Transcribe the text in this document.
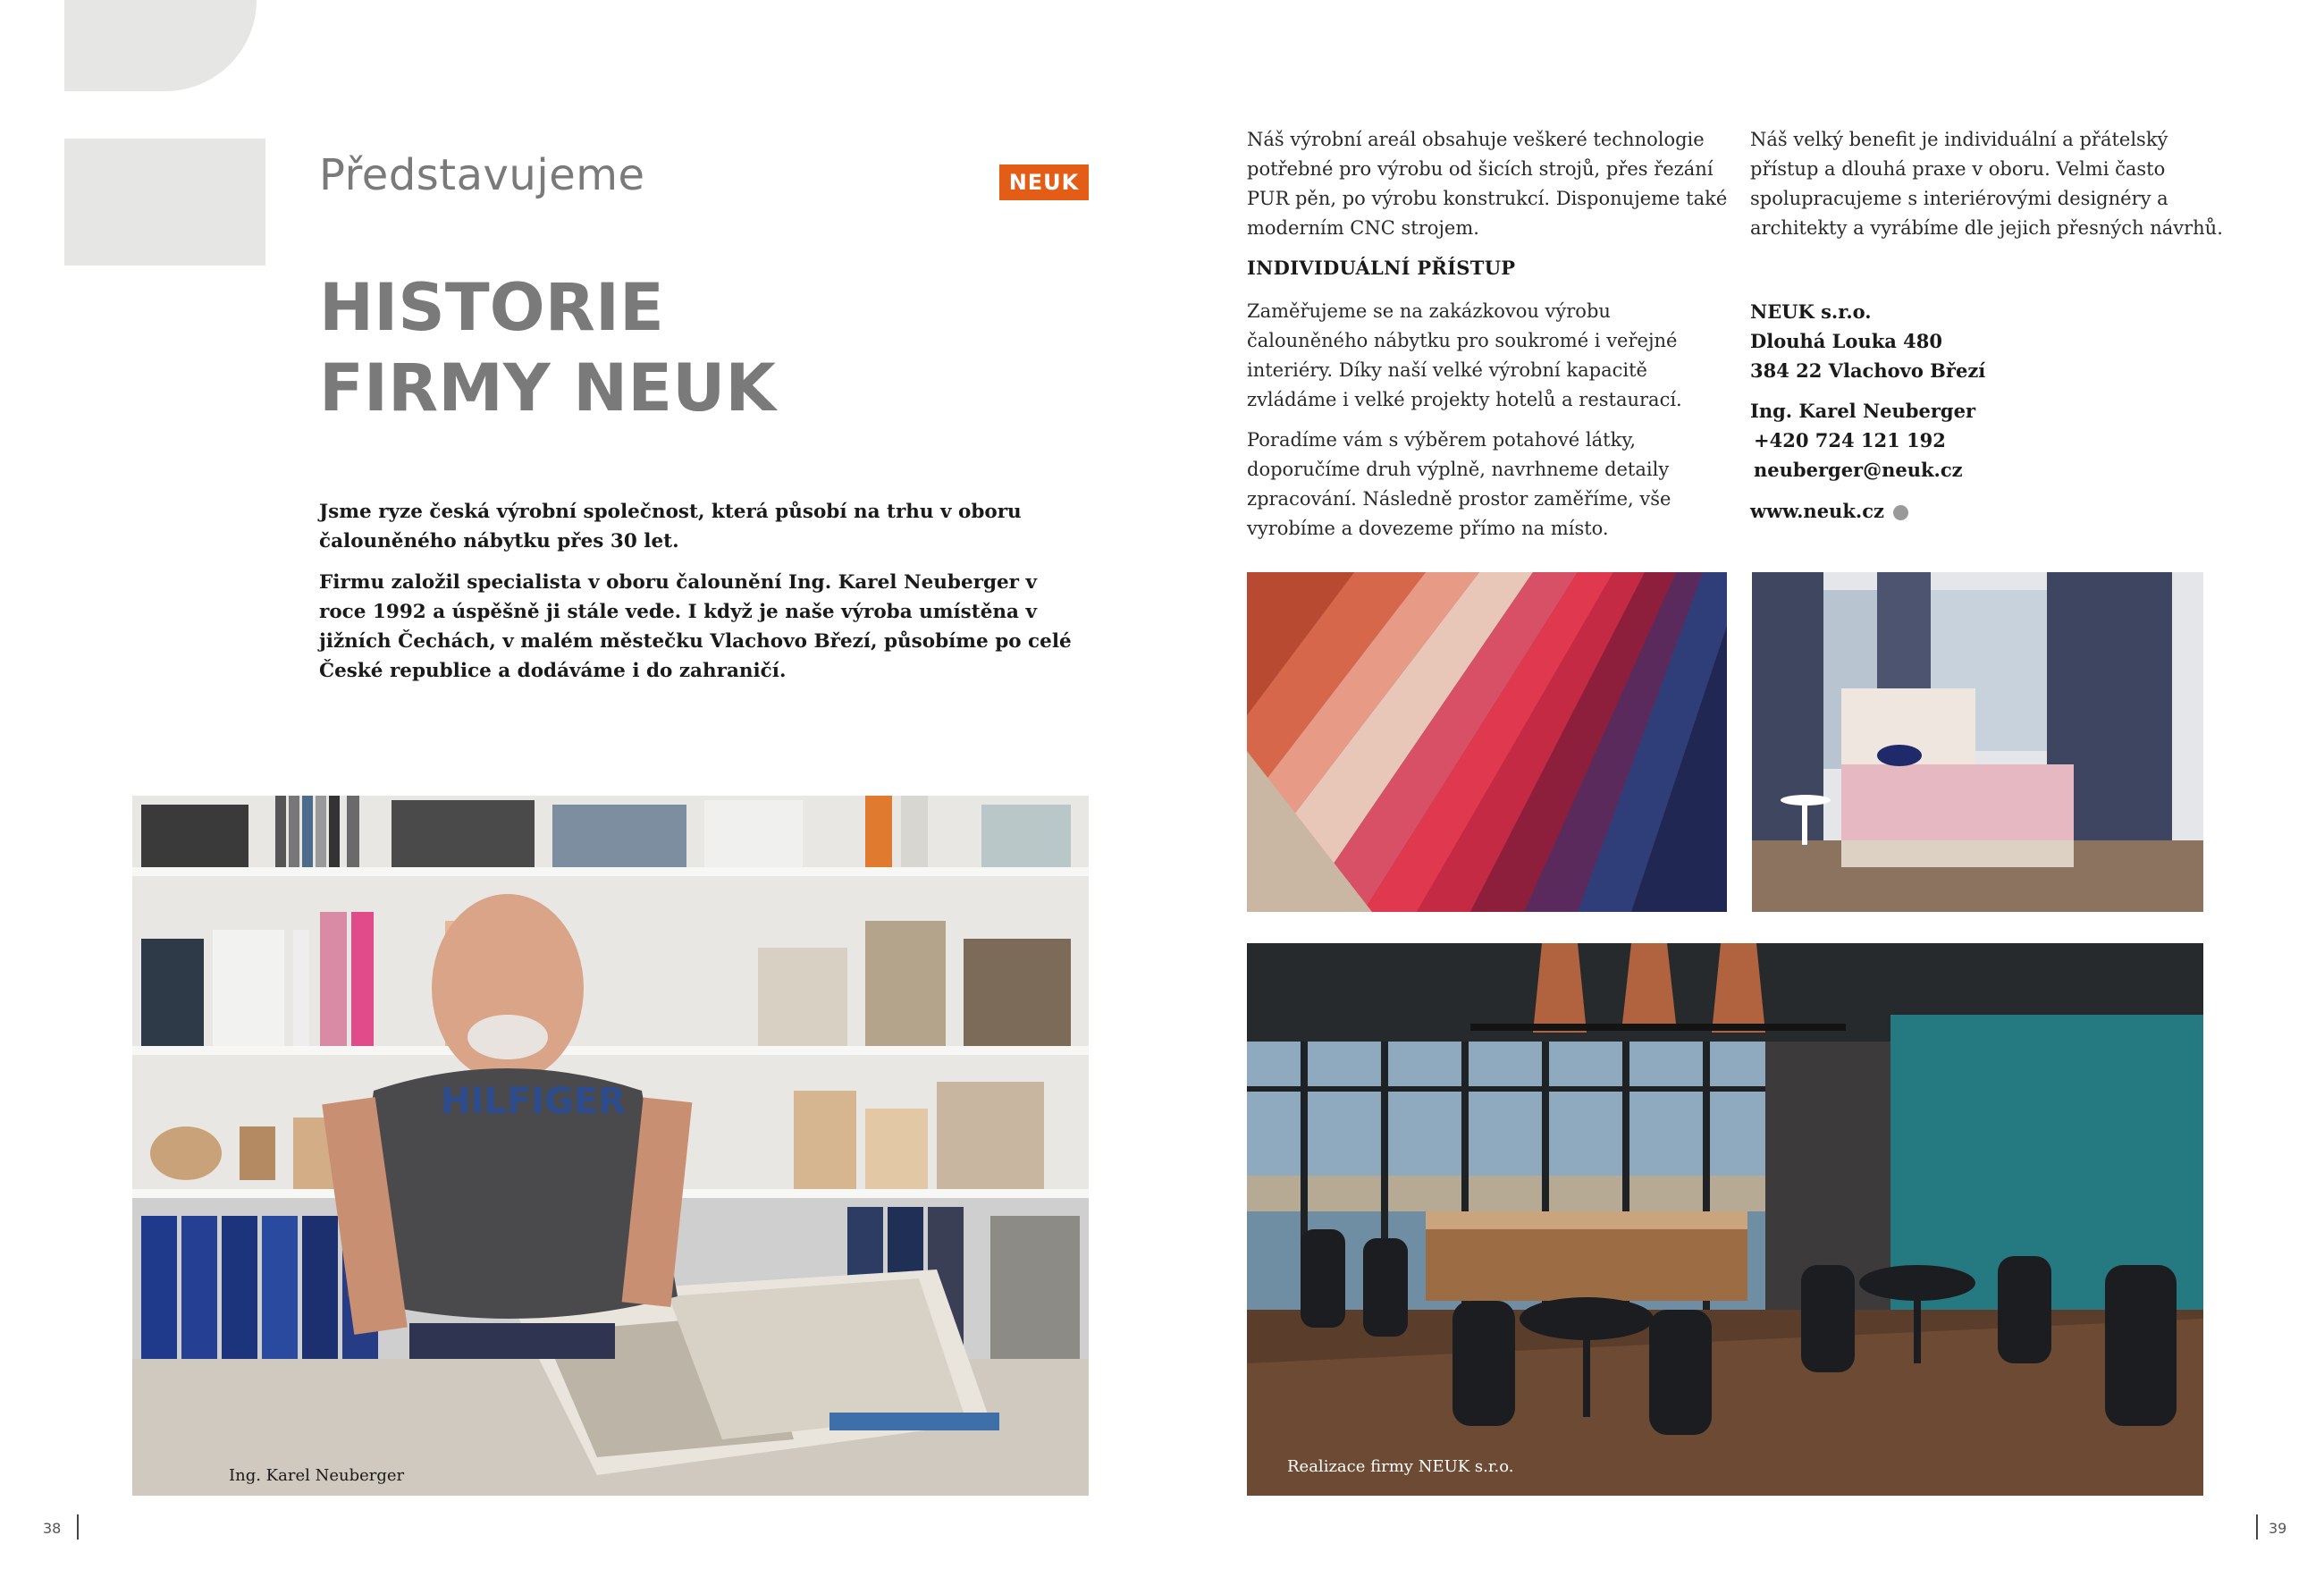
Představujeme	NEUK
HISTORIE
FIRMY NEUK
Jsme ryze česká výrobní společnost, která působí na trhu v oboru čalouněného nábytku přes 30 let.
Firmu založil specialista v oboru čalounění Ing. Karel Neuberger v roce 1992 a úspěšně ji stále vede. I když je naše výroba umístěna v jižních Čechách, v malém městečku Vlachovo Březí, působíme po celé České republice a dodáváme i do zahraničí.
HILFIGER
Ing. Karel Neuberger
Náš výrobní areál obsahuje veškeré technologie potřebné pro výrobu od šicích strojů, přes řezání PUR pěn, po výrobu konstrukcí. Disponujeme také moderním CNC strojem.
INDIVIDUÁLNÍ PŘÍSTUP
Zaměřujeme se na zakázkovou výrobu čalouněného nábytku pro soukromé i veřejné interiéry. Díky naší velké výrobní kapacitě zvládáme i velké projekty hotelů a restaurací.
Poradíme vám s výběrem potahové látky, doporučíme druh výplně, navrhneme detaily zpracování. Následně prostor zaměříme, vše vyrobíme a dovezeme přímo na místo.
Náš velký benefit je individuální a přátelský přístup a dlouhá praxe v oboru. Velmi často spolupracujeme s interiérovými designéry a architekty a vyrábíme dle jejich přesných návrhů.
NEUK s.r.o.
Dlouhá Louka 480
384 22 Vlachovo Březí
Ing. Karel Neuberger
+420 724 121 192
neuberger@neuk.cz
www.neuk.cz
Realizace firmy NEUK s.r.o.
38	39
